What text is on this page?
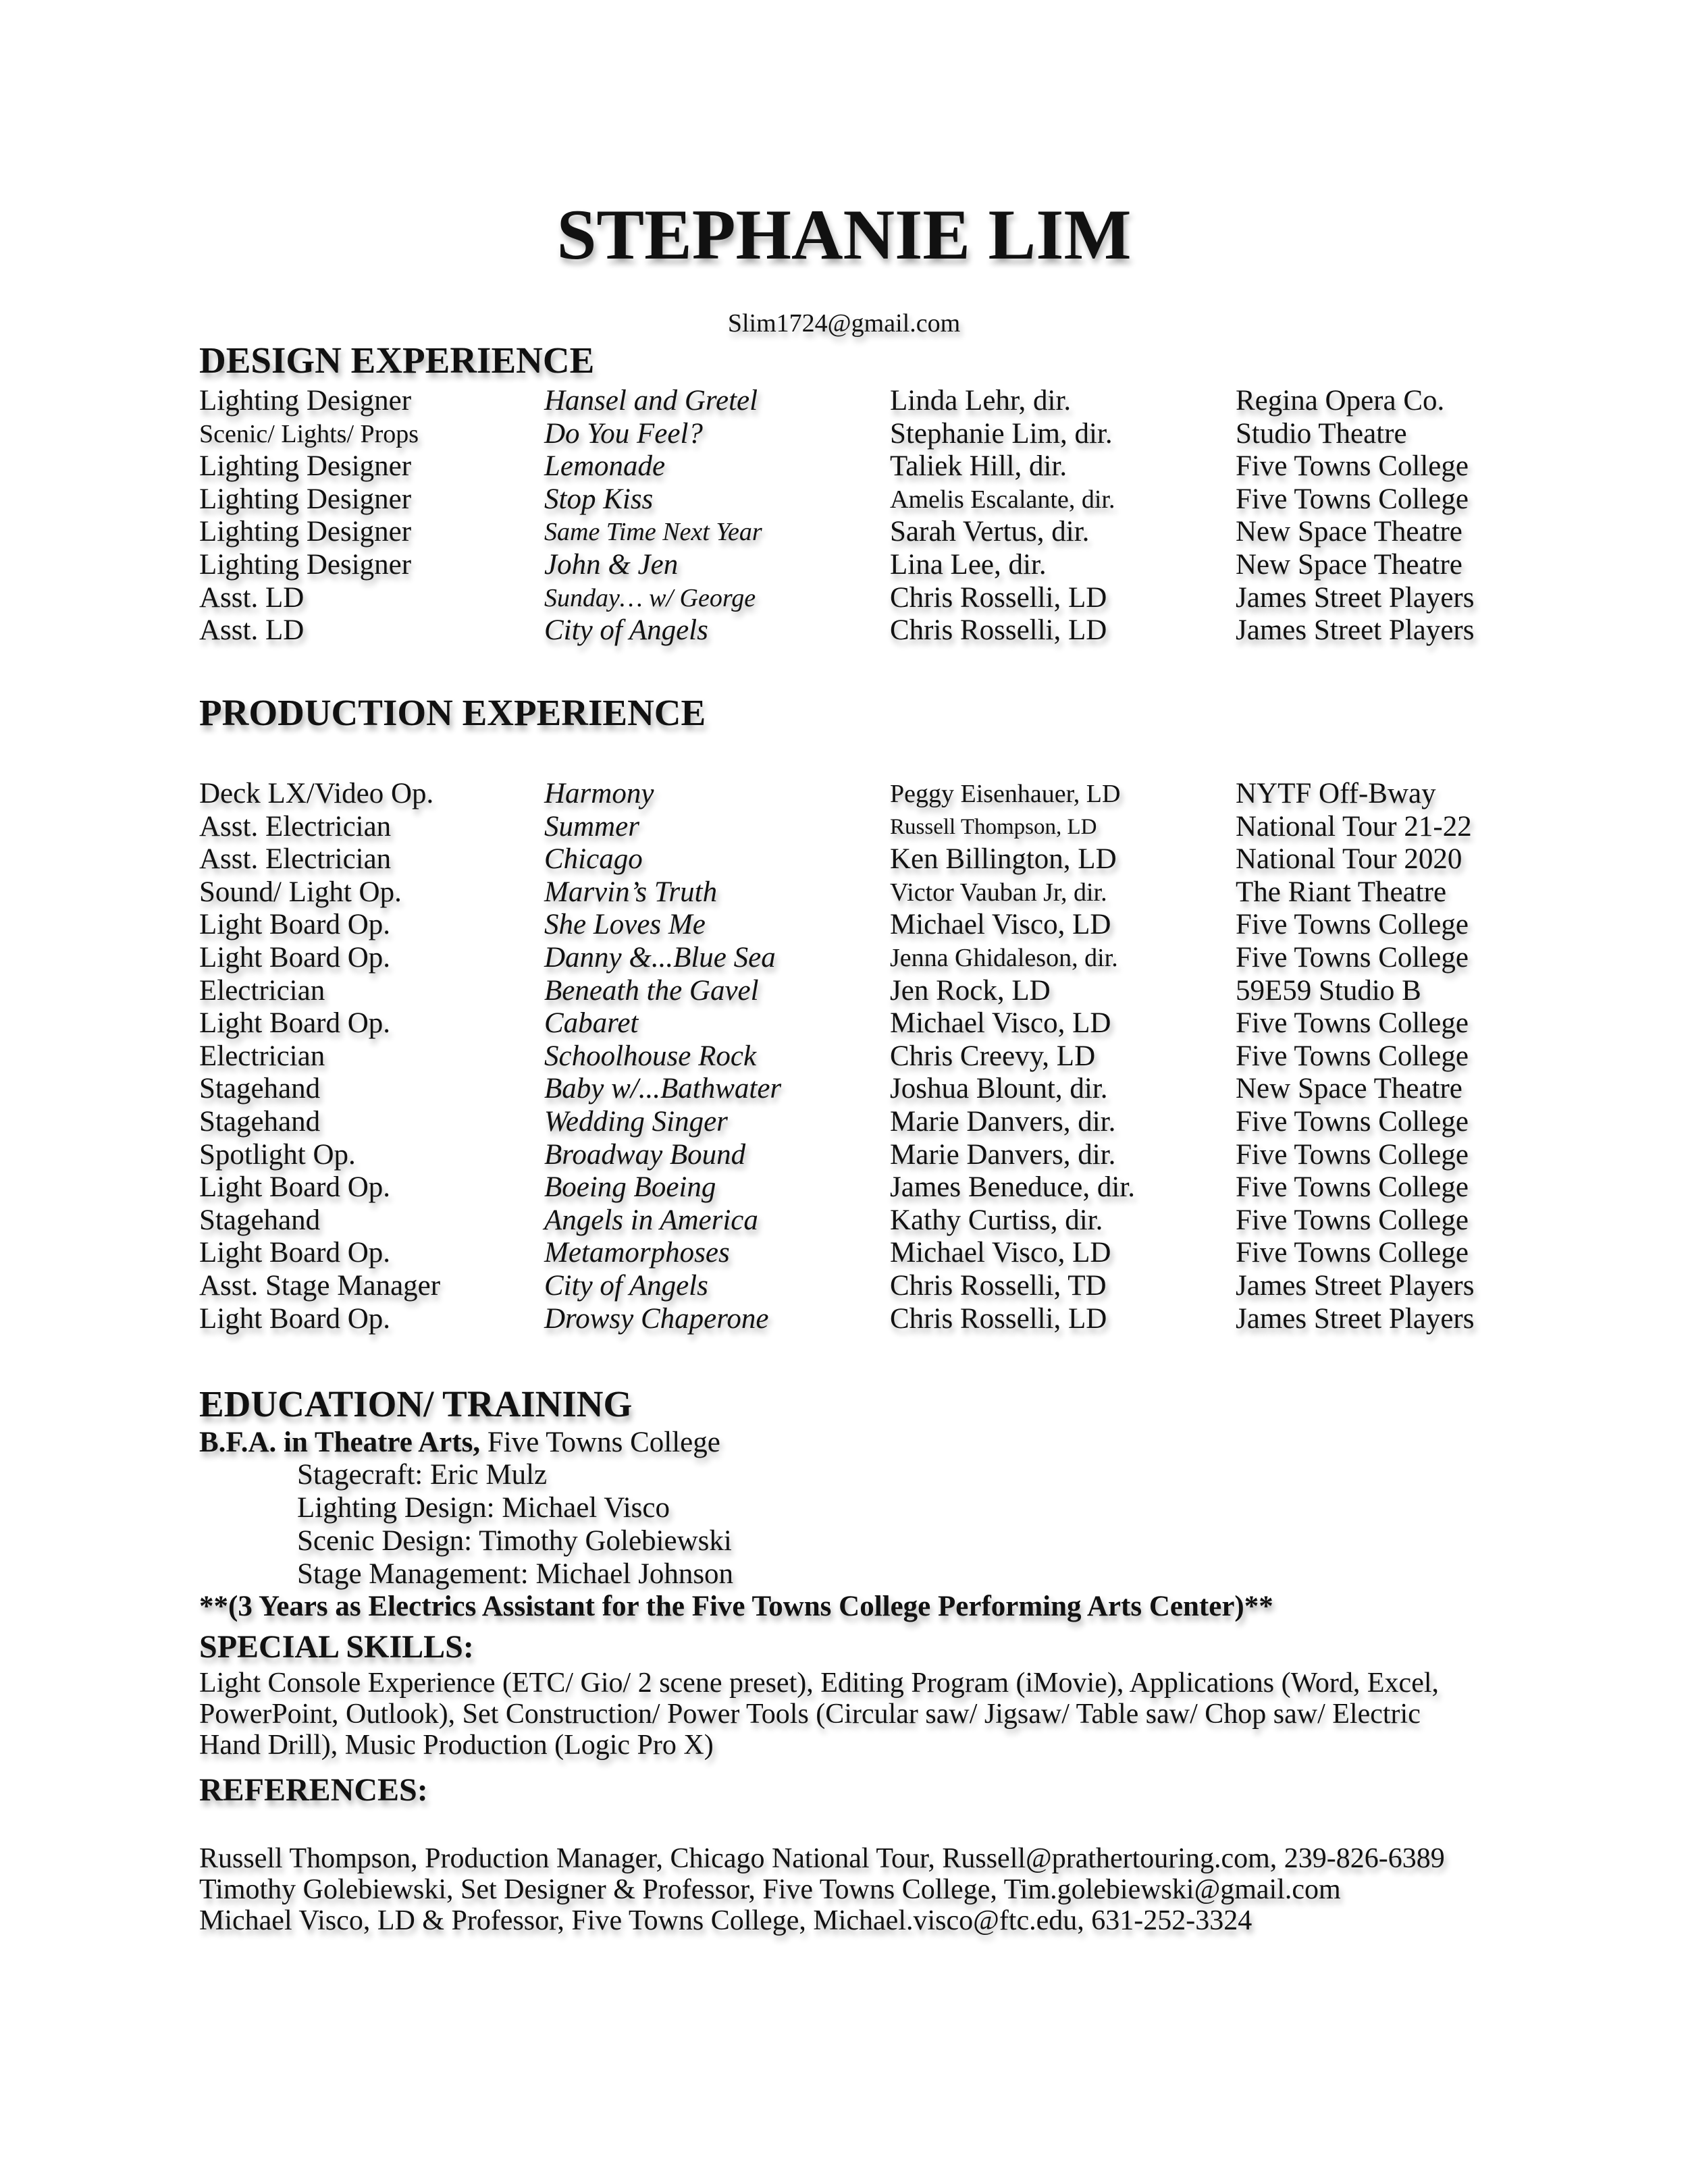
STEPHANIE LIM
Slim1724@gmail.com
DESIGN EXPERIENCE
Lighting Designer	Hansel and Gretel	Linda Lehr, dir.	Regina Opera Co.
Scenic/ Lights/ Props	Do You Feel?	Stephanie Lim, dir.	Studio Theatre
Lighting Designer	Lemonade	Taliek Hill, dir.	Five Towns College
Lighting Designer	Stop Kiss	Amelis Escalante, dir.	Five Towns College
Lighting Designer	Same Time Next Year	Sarah Vertus, dir.	New Space Theatre
Lighting Designer	John & Jen	Lina Lee, dir.	New Space Theatre
Asst. LD	Sunday… w/ George	Chris Rosselli, LD	James Street Players
Asst. LD	City of Angels	Chris Rosselli, LD	James Street Players
PRODUCTION EXPERIENCE
Deck LX/Video Op.	Harmony	Peggy Eisenhauer, LD	NYTF Off-Bway
Asst. Electrician	Summer	Russell Thompson, LD	National Tour 21-22
Asst. Electrician	Chicago	Ken Billington, LD	National Tour 2020
Sound/ Light Op.	Marvin’s Truth	Victor Vauban Jr, dir.	The Riant Theatre
Light Board Op.	She Loves Me	Michael Visco, LD	Five Towns College
Light Board Op.	Danny &...Blue Sea	Jenna Ghidaleson, dir.	Five Towns College
Electrician	Beneath the Gavel	Jen Rock, LD	59E59 Studio B
Light Board Op.	Cabaret	Michael Visco, LD	Five Towns College
Electrician	Schoolhouse Rock	Chris Creevy, LD	Five Towns College
Stagehand	Baby w/...Bathwater	Joshua Blount, dir.	New Space Theatre
Stagehand	Wedding Singer	Marie Danvers, dir.	Five Towns College
Spotlight Op.	Broadway Bound	Marie Danvers, dir.	Five Towns College
Light Board Op.	Boeing Boeing	James Beneduce, dir.	Five Towns College
Stagehand	Angels in America	Kathy Curtiss, dir.	Five Towns College
Light Board Op.	Metamorphoses	Michael Visco, LD	Five Towns College
Asst. Stage Manager	City of Angels	Chris Rosselli, TD	James Street Players
Light Board Op.	Drowsy Chaperone	Chris Rosselli, LD	James Street Players
EDUCATION/ TRAINING
B.F.A. in Theatre Arts, Five Towns College
Stagecraft: Eric Mulz
Lighting Design: Michael Visco
Scenic Design: Timothy Golebiewski
Stage Management: Michael Johnson
**(3 Years as Electrics Assistant for the Five Towns College Performing Arts Center)**
SPECIAL SKILLS:
Light Console Experience (ETC/ Gio/ 2 scene preset), Editing Program (iMovie), Applications (Word, Excel,
PowerPoint, Outlook), Set Construction/ Power Tools (Circular saw/ Jigsaw/ Table saw/ Chop saw/ Electric
Hand Drill), Music Production (Logic Pro X)
REFERENCES:
Russell Thompson, Production Manager, Chicago National Tour, Russell@prathertouring.com, 239-826-6389
Timothy Golebiewski, Set Designer & Professor, Five Towns College, Tim.golebiewski@gmail.com
Michael Visco, LD & Professor, Five Towns College, Michael.visco@ftc.edu, 631-252-3324
